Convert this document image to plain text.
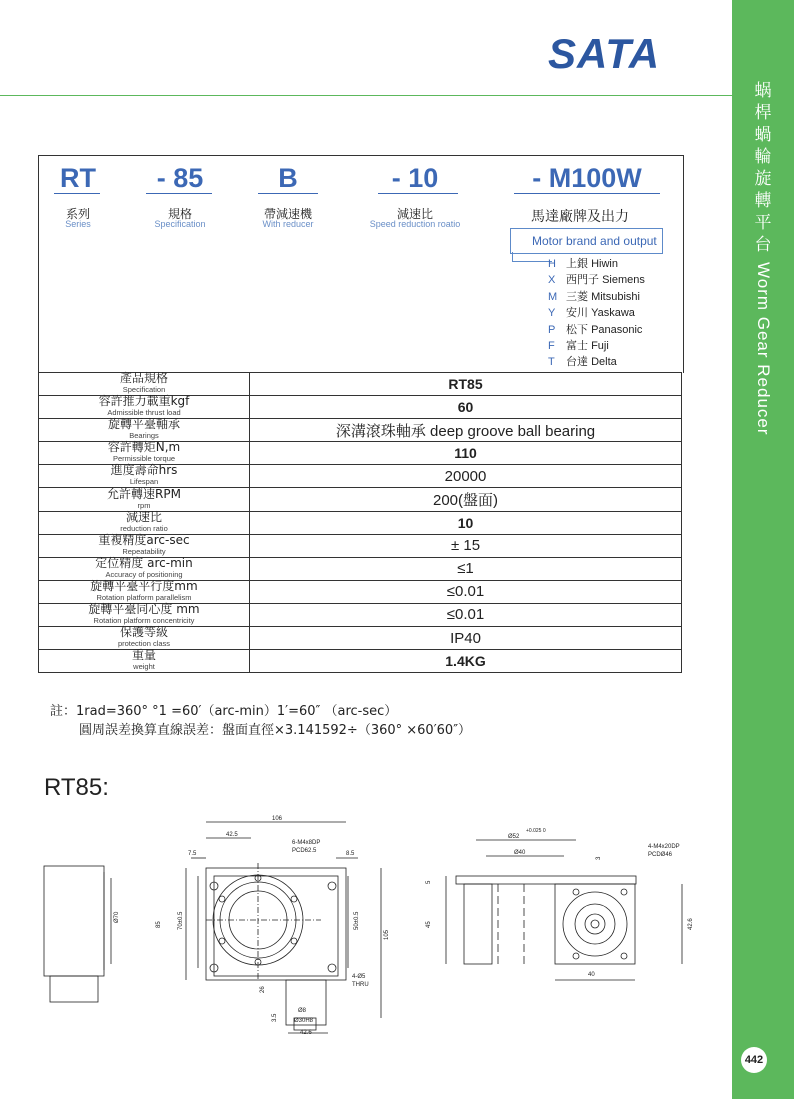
SATA
蜗
桿
蝸
輪
旋
轉
平
台
Worm Gear Reducer
442
RT
系列
Series
- 85
規格
Specification
B
帶減速機
With reducer
- 10
減速比
Speed reduction roatio
- M100W
馬達廠牌及出力
Motor brand and output
H 上銀 Hiwin
X 西門子 Siemens
M 三菱 Mitsubishi
Y 安川 Yaskawa
P 松下 Panasonic
F 富士 Fuji
T 台達 Delta
產品規格
Specification	RT85

容許推力載重kgf
Admissible thrust load	60

旋轉平臺軸承
Bearings	深溝滾珠軸承 deep groove ball bearing

容許轉矩N,m
Permissible torque	110

進度壽命hrs
Lifespan	20000

允許轉速RPM
rpm	200(盤面)

減速比
reduction ratio	10

重複精度arc-sec
Repeatability	± 15

定位精度 arc-min
Accuracy of positioning	≤1

旋轉平臺平行度mm
Rotation platform parallelism	≤0.01

旋轉平臺同心度 mm
Rotation platform concentricity	≤0.01

保護等級
protection class	IP40

重量
weight	1.4KG
註：1rad=360° °1 =60′（arc-min）1′=60″ （arc-sec）
圓周誤差換算直線誤差：盤面直徑×3.141592÷（360° ×60′60″）
RT85:
Ø70
106
42.5
7.5	8.5
6-M4x8DP
PCD62.5
85	70±0.5	50±0.5
105
4-Ø5
THRU
26
3.5
Ø8
Ø30H8
42.6
Ø52
+0.025 0
Ø40
3
4-M4x20DP
PCDØ46
5
45
40
42.6
